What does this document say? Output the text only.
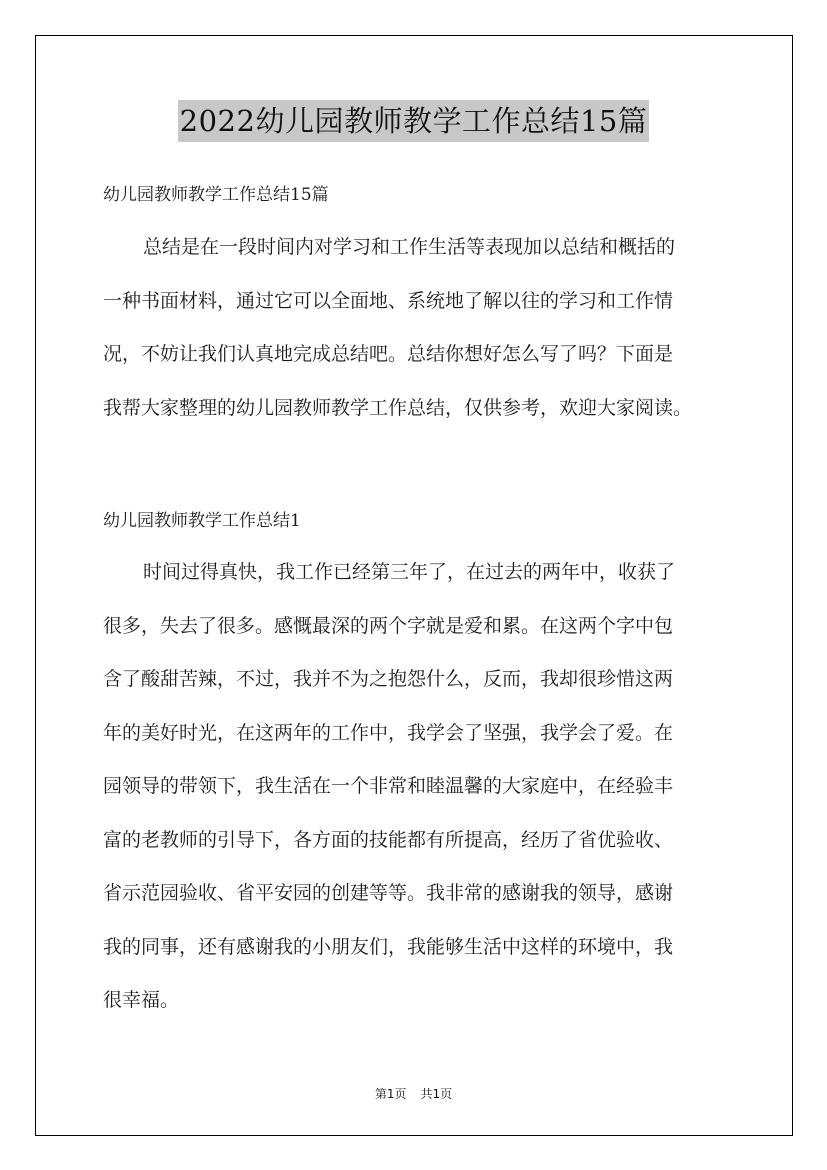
2022幼儿园教师教学工作总结15篇
幼儿园教师教学工作总结15篇
总结是在一段时间内对学习和工作生活等表现加以总结和概括的
一种书面材料，通过它可以全面地、系统地了解以往的学习和工作情
况，不妨让我们认真地完成总结吧。总结你想好怎么写了吗？下面是
我帮大家整理的幼儿园教师教学工作总结，仅供参考，欢迎大家阅读。
幼儿园教师教学工作总结1
时间过得真快，我工作已经第三年了，在过去的两年中，收获了
很多，失去了很多。感慨最深的两个字就是爱和累。在这两个字中包
含了酸甜苦辣，不过，我并不为之抱怨什么，反而，我却很珍惜这两
年的美好时光，在这两年的工作中，我学会了坚强，我学会了爱。在
园领导的带领下，我生活在一个非常和睦温馨的大家庭中，在经验丰
富的老教师的引导下，各方面的技能都有所提高，经历了省优验收、
省示范园验收、省平安园的创建等等。我非常的感谢我的领导，感谢
我的同事，还有感谢我的小朋友们，我能够生活中这样的环境中，我
很幸福。
第1页 共1页
